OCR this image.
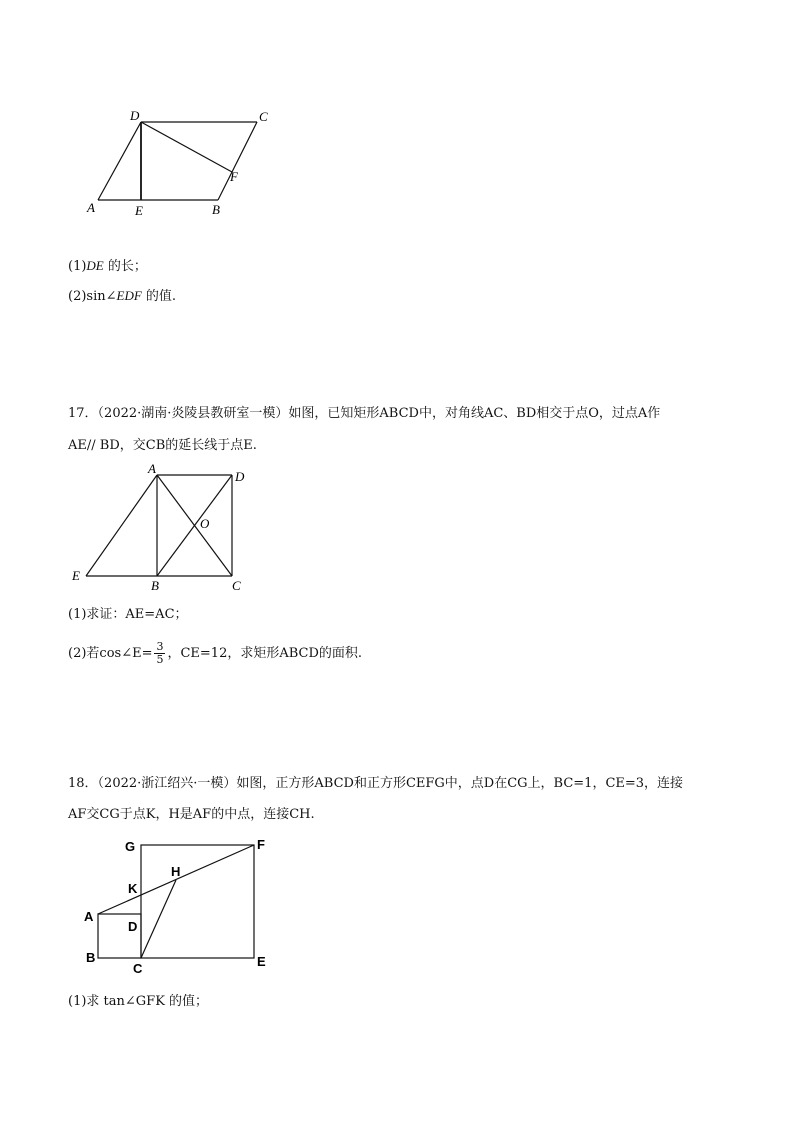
D	C
F
A	E	B
(1)DE 的长；
(2)sin∠EDF 的值.
17．（2022·湖南·炎陵县教研室一模）如图，已知矩形ABCD中，对角线AC、BD相交于点O，过点A作
AE// BD，交CB的延长线于点E.
A
D
O
E
B	C
(1)求证：AE=AC；
(2)若cos∠E= $\frac{3}{5}$ ，CE=12，求矩形ABCD的面积.
18．（2022·浙江绍兴·一模）如图，正方形ABCD和正方形CEFG中，点D在CG上，BC=1，CE=3，连接
AF交CG于点K，H是AF的中点，连接CH.
G	F
H
K
A
D
B
C	E
(1)求 tan∠GFK 的值；
